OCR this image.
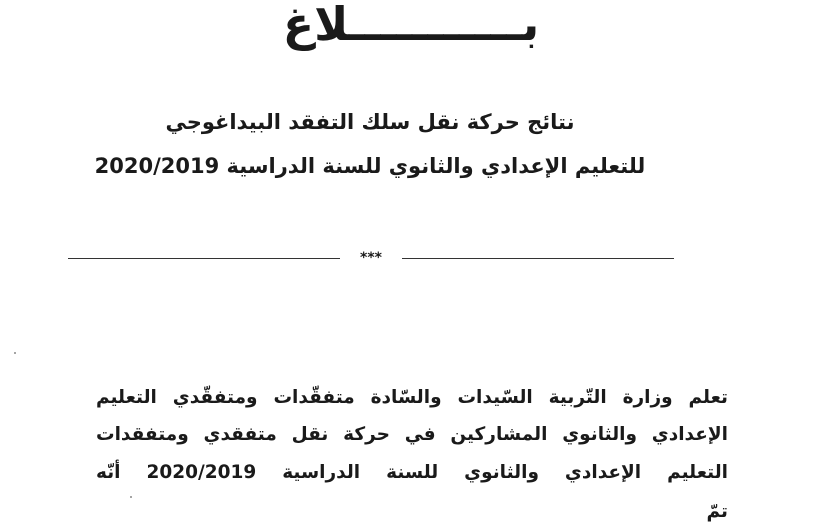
بـــــــــــلاغ
نتائج حركة نقل سلك التفقد البيداغوجي
للتعليم الإعدادي والثانوي للسنة الدراسية 2020/2019
***
تعلم وزارة التّربية السّيدات والسّادة متفقّدات ومتفقّدي التعليم
الإعدادي والثانوي المشاركين في حركة نقل متفقدي ومتفقدات
التعليم الإعدادي والثانوي للسنة الدراسية 2020/2019 أنّه
تمّ
